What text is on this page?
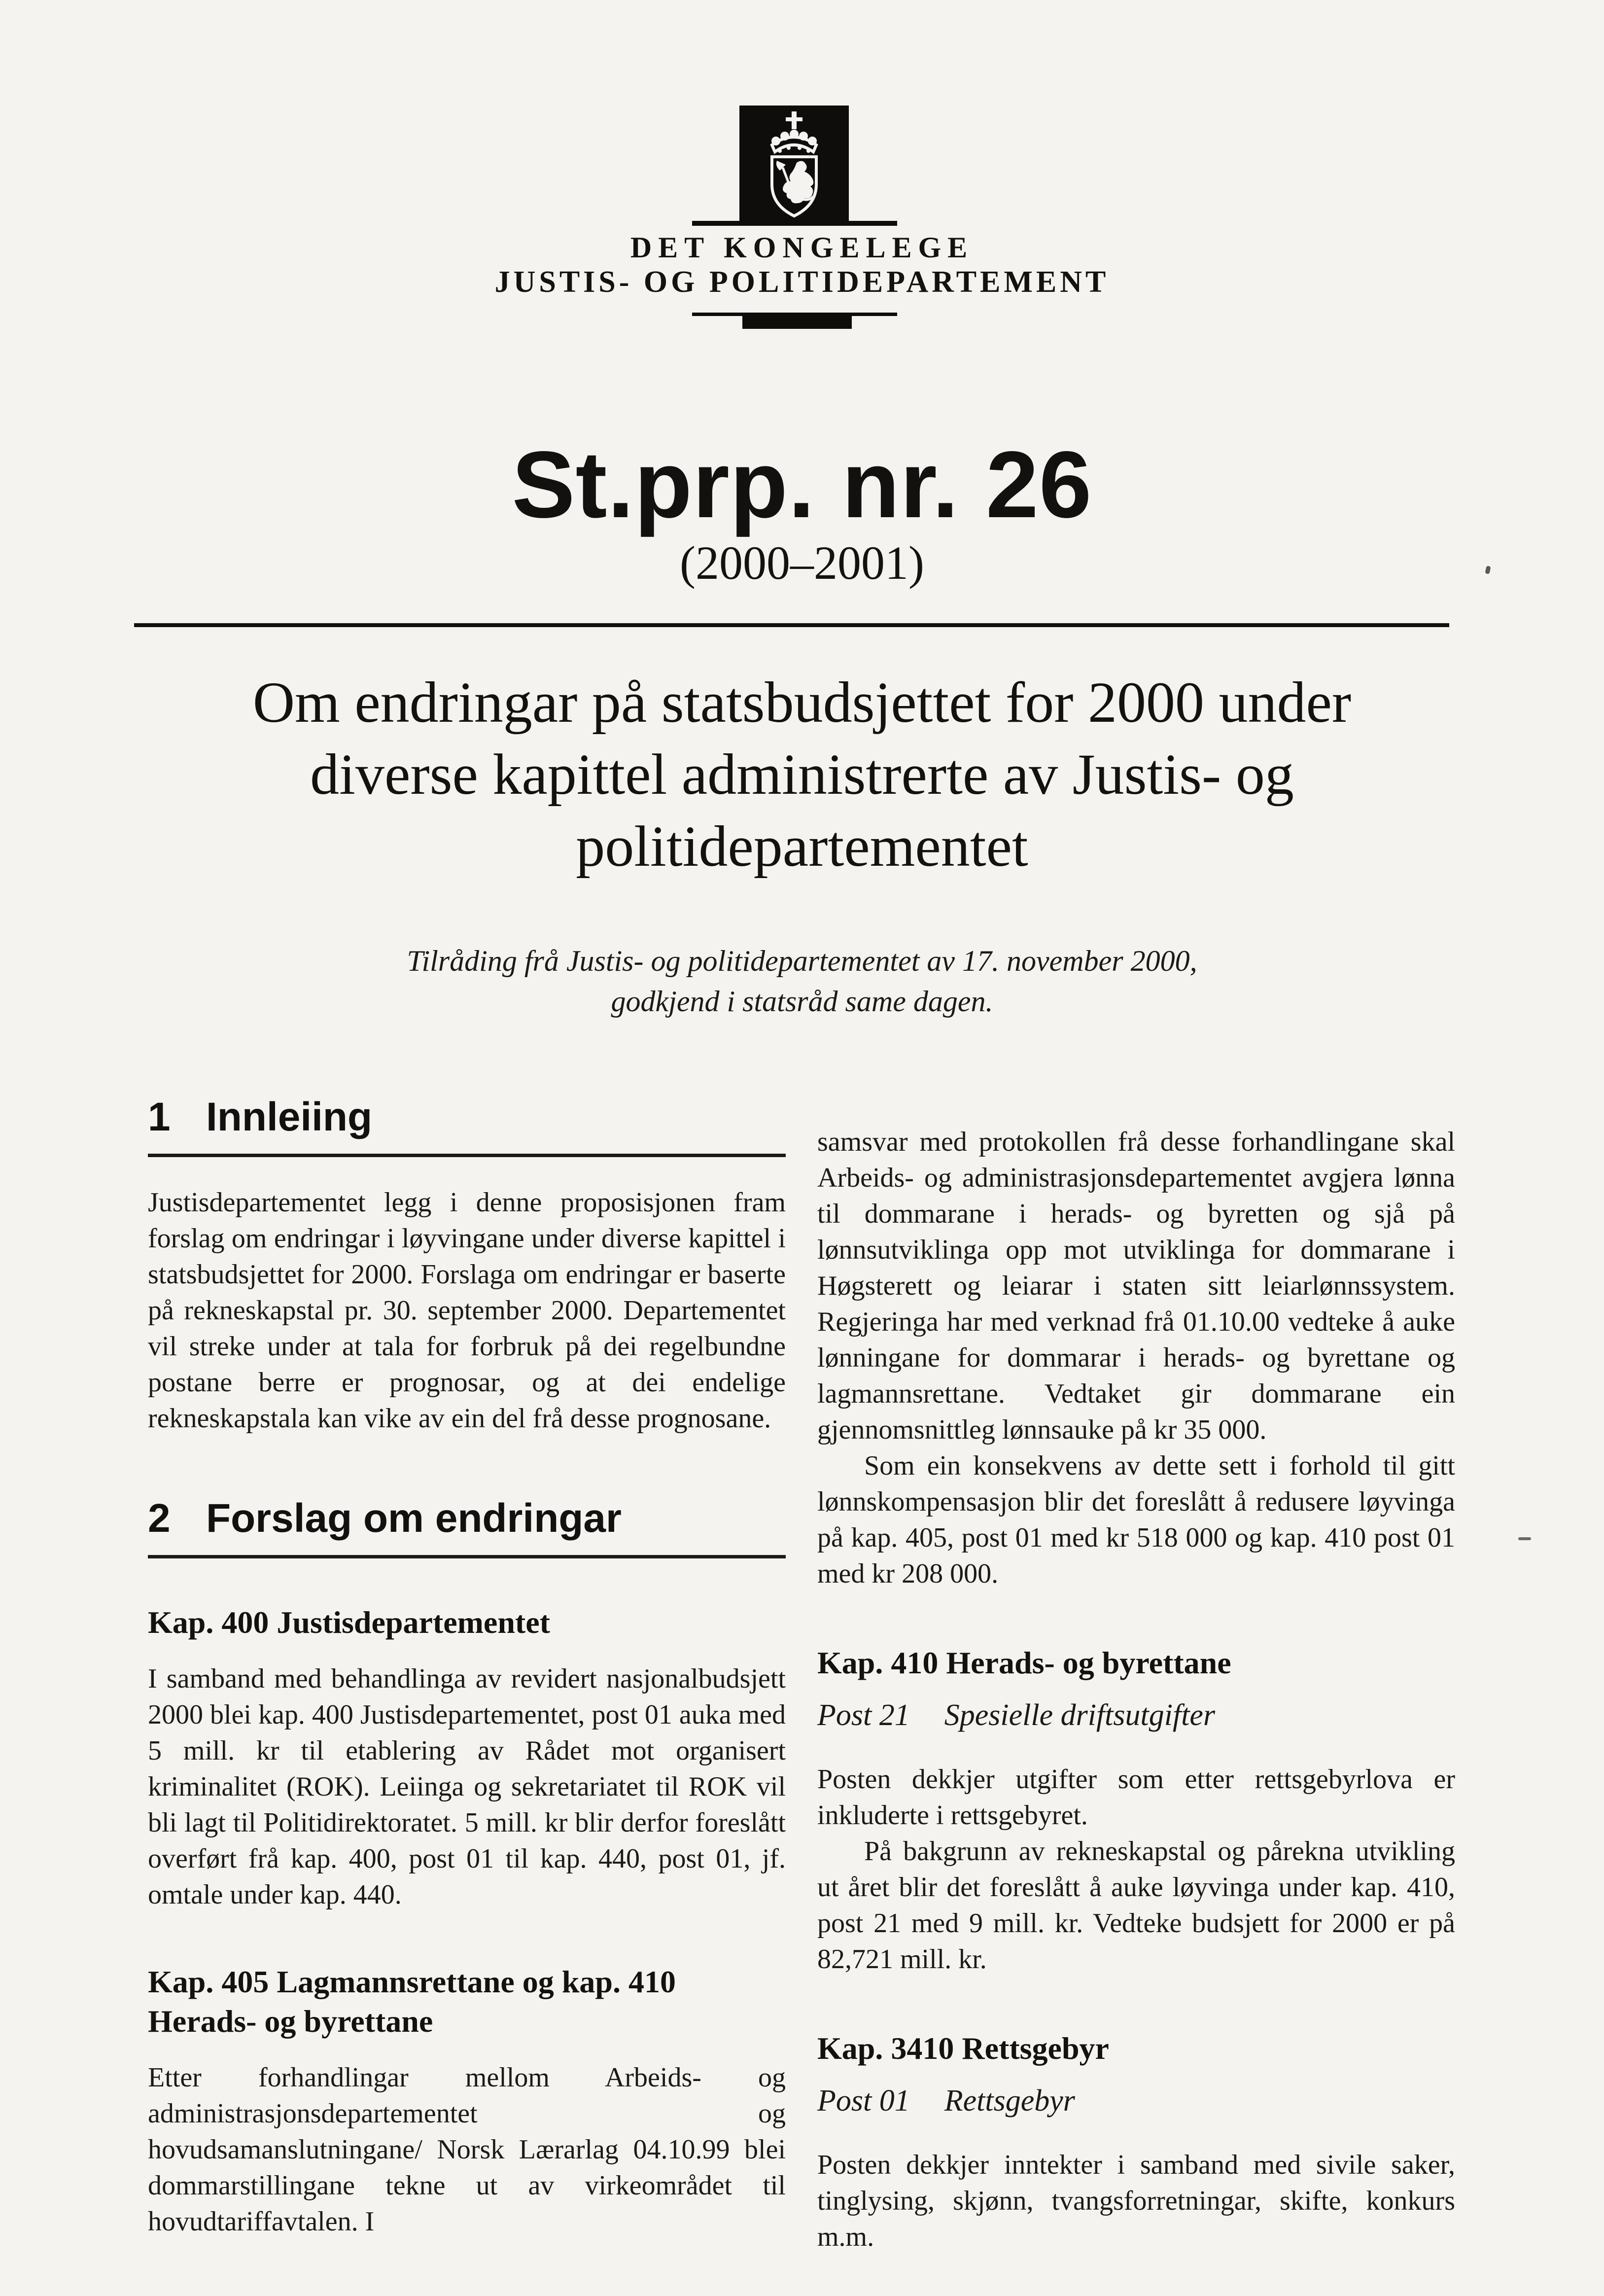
DET KONGELEGE
JUSTIS- OG POLITIDEPARTEMENT
St.prp. nr. 26
(2000–2001)
Om endringar på statsbudsjettet for 2000 under
diverse kapittel administrerte av Justis- og
politidepartementet
Tilråding frå Justis- og politidepartementet av 17. november 2000,
godkjend i statsråd same dagen.
1 Innleiing

Justisdepartementet legg i denne proposisjonen fram forslag om endringar i løyvingane under diverse kapittel i statsbudsjettet for 2000. Forslaga om endringar er baserte på rekneskapstal pr. 30. september 2000. Departementet vil streke under at tala for forbruk på dei regelbundne postane berre er prognosar, og at dei endelige rekneskapstala kan vike av ein del frå desse prognosane.

2 Forslag om endringar
Kap. 400 Justisdepartementet

I samband med behandlinga av revidert nasjonalbudsjett 2000 blei kap. 400 Justisdepartementet, post 01 auka med 5 mill. kr til etablering av Rådet mot organisert kriminalitet (ROK). Leiinga og sekretariatet til ROK vil bli lagt til Politidirektoratet. 5 mill. kr blir derfor foreslått overført frå kap. 400, post 01 til kap. 440, post 01, jf. omtale under kap. 440.

Kap. 405 Lagmannsrettane og kap. 410
Herads- og byrettane

Etter forhandlingar mellom Arbeids- og administrasjonsdepartementet og hovudsamanslutningane/ Norsk Lærarlag 04.10.99 blei dommarstillingane tekne ut av virkeområdet til hovudtariffavtalen. I

samsvar med protokollen frå desse forhandlingane skal Arbeids- og administrasjonsdepartementet avgjera lønna til dommarane i herads- og byretten og sjå på lønnsutviklinga opp mot utviklinga for dommarane i Høgsterett og leiarar i staten sitt leiarlønnssystem. Regjeringa har med verknad frå 01.10.00 vedteke å auke lønningane for dommarar i herads- og byrettane og lagmannsrettane. Vedtaket gir dommarane ein gjennomsnittleg lønnsauke på kr 35 000.

Som ein konsekvens av dette sett i forhold til gitt lønnskompensasjon blir det foreslått å redusere løyvinga på kap. 405, post 01 med kr 518 000 og kap. 410 post 01 med kr 208 000.

Kap. 410 Herads- og byrettane
Post 21 Spesielle driftsutgifter

Posten dekkjer utgifter som etter rettsgebyrlova er inkluderte i rettsgebyret.

På bakgrunn av rekneskapstal og pårekna utvikling ut året blir det foreslått å auke løyvinga under kap. 410, post 21 med 9 mill. kr. Vedteke budsjett for 2000 er på 82,721 mill. kr.

Kap. 3410 Rettsgebyr
Post 01 Rettsgebyr

Posten dekkjer inntekter i samband med sivile saker, tinglysing, skjønn, tvangsforretningar, skifte, konkurs m.m.
